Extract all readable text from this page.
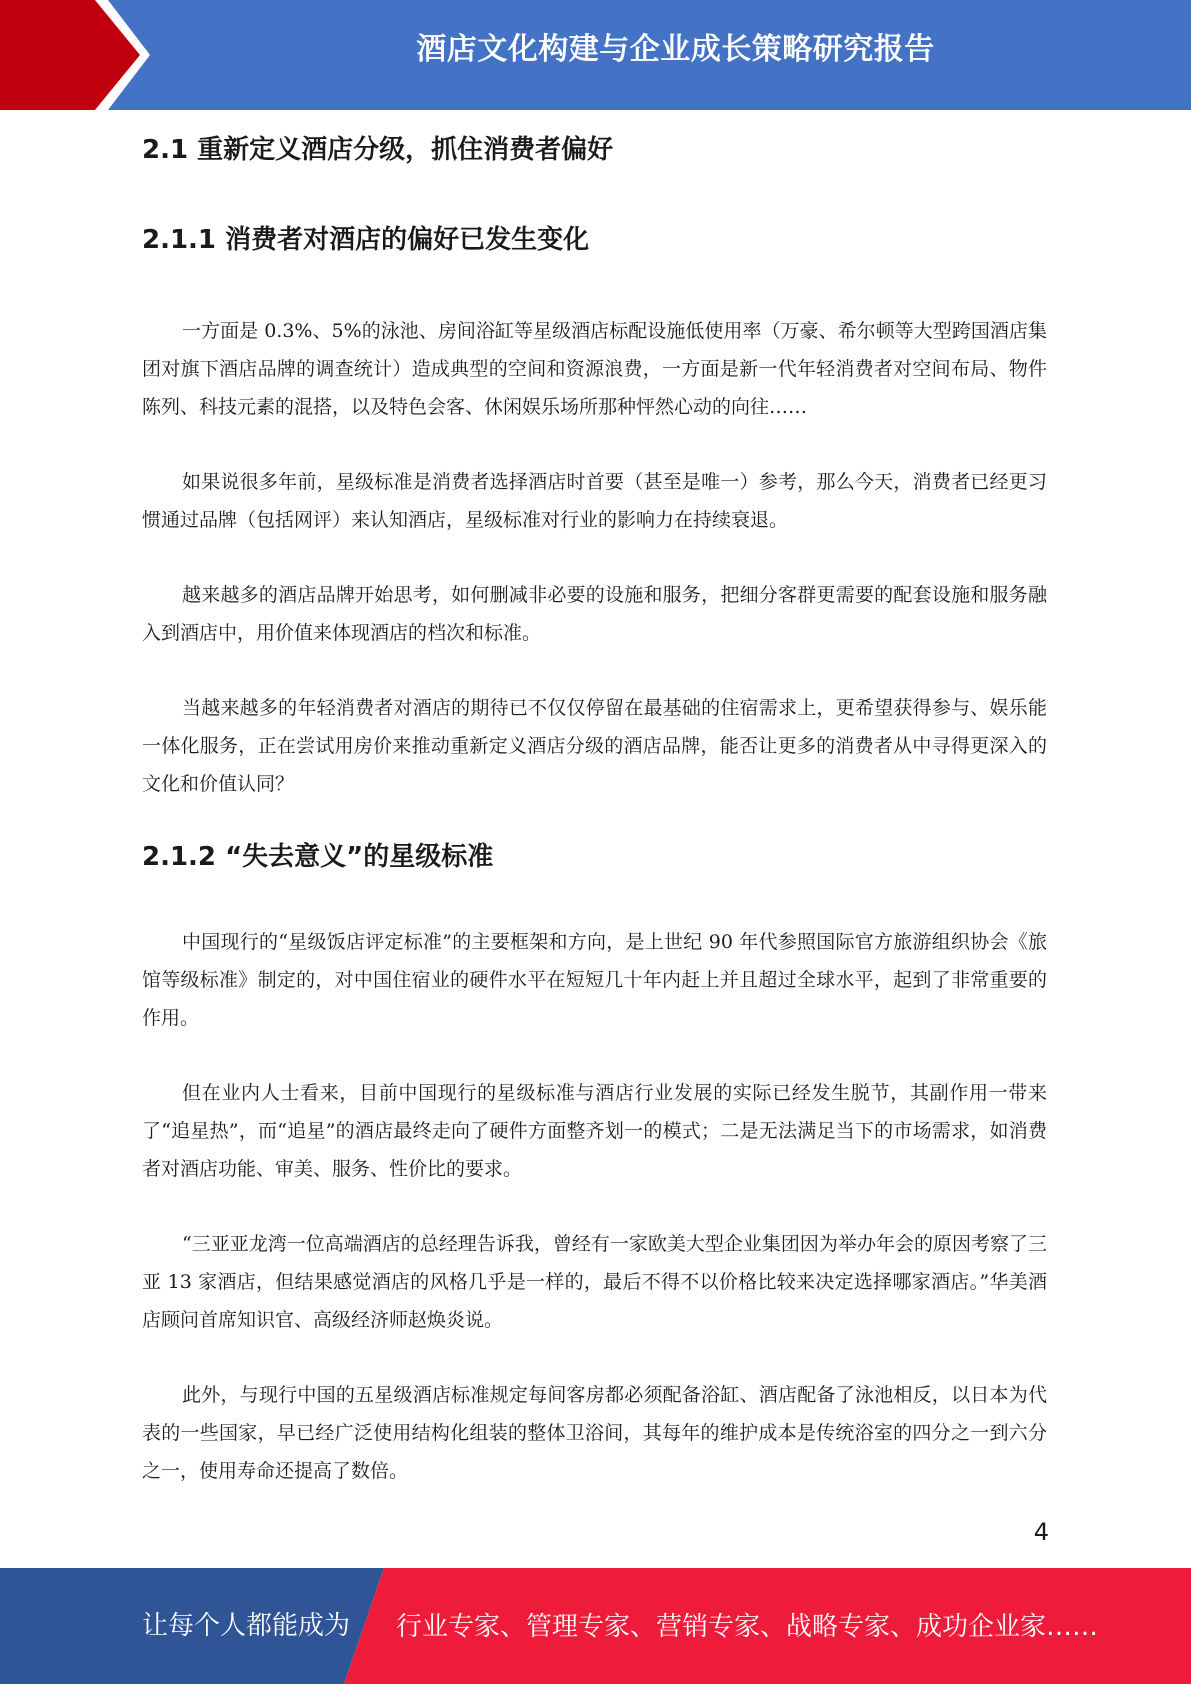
酒店文化构建与企业成长策略研究报告
2.1 重新定义酒店分级，抓住消费者偏好
2.1.1 消费者对酒店的偏好已发生变化

一方面是 0.3%、5%的泳池、房间浴缸等星级酒店标配设施低使用率（万豪、希尔顿等大型跨国酒店集团对旗下酒店品牌的调查统计）造成典型的空间和资源浪费，一方面是新一代年轻消费者对空间布局、物件陈列、科技元素的混搭，以及特色会客、休闲娱乐场所那种怦然心动的向往……

如果说很多年前，星级标准是消费者选择酒店时首要（甚至是唯一）参考，那么今天，消费者已经更习惯通过品牌（包括网评）来认知酒店，星级标准对行业的影响力在持续衰退。

越来越多的酒店品牌开始思考，如何删减非必要的设施和服务，把细分客群更需要的配套设施和服务融入到酒店中，用价值来体现酒店的档次和标准。

当越来越多的年轻消费者对酒店的期待已不仅仅停留在最基础的住宿需求上，更希望获得参与、娱乐能一体化服务，正在尝试用房价来推动重新定义酒店分级的酒店品牌，能否让更多的消费者从中寻得更深入的文化和价值认同？

2.1.2 “失去意义”的星级标准

中国现行的“星级饭店评定标准”的主要框架和方向，是上世纪 90 年代参照国际官方旅游组织协会《旅馆等级标准》制定的，对中国住宿业的硬件水平在短短几十年内赶上并且超过全球水平，起到了非常重要的作用。

但在业内人士看来，目前中国现行的星级标准与酒店行业发展的实际已经发生脱节，其副作用一带来了“追星热”，而“追星”的酒店最终走向了硬件方面整齐划一的模式；二是无法满足当下的市场需求，如消费者对酒店功能、审美、服务、性价比的要求。

“三亚亚龙湾一位高端酒店的总经理告诉我，曾经有一家欧美大型企业集团因为举办年会的原因考察了三亚 13 家酒店，但结果感觉酒店的风格几乎是一样的，最后不得不以价格比较来决定选择哪家酒店。”华美酒店顾问首席知识官、高级经济师赵焕炎说。

此外，与现行中国的五星级酒店标准规定每间客房都必须配备浴缸、酒店配备了泳池相反，以日本为代表的一些国家，早已经广泛使用结构化组装的整体卫浴间，其每年的维护成本是传统浴室的四分之一到六分之一，使用寿命还提高了数倍。

4
让每个人都能成为 行业专家、管理专家、营销专家、战略专家、成功企业家……
